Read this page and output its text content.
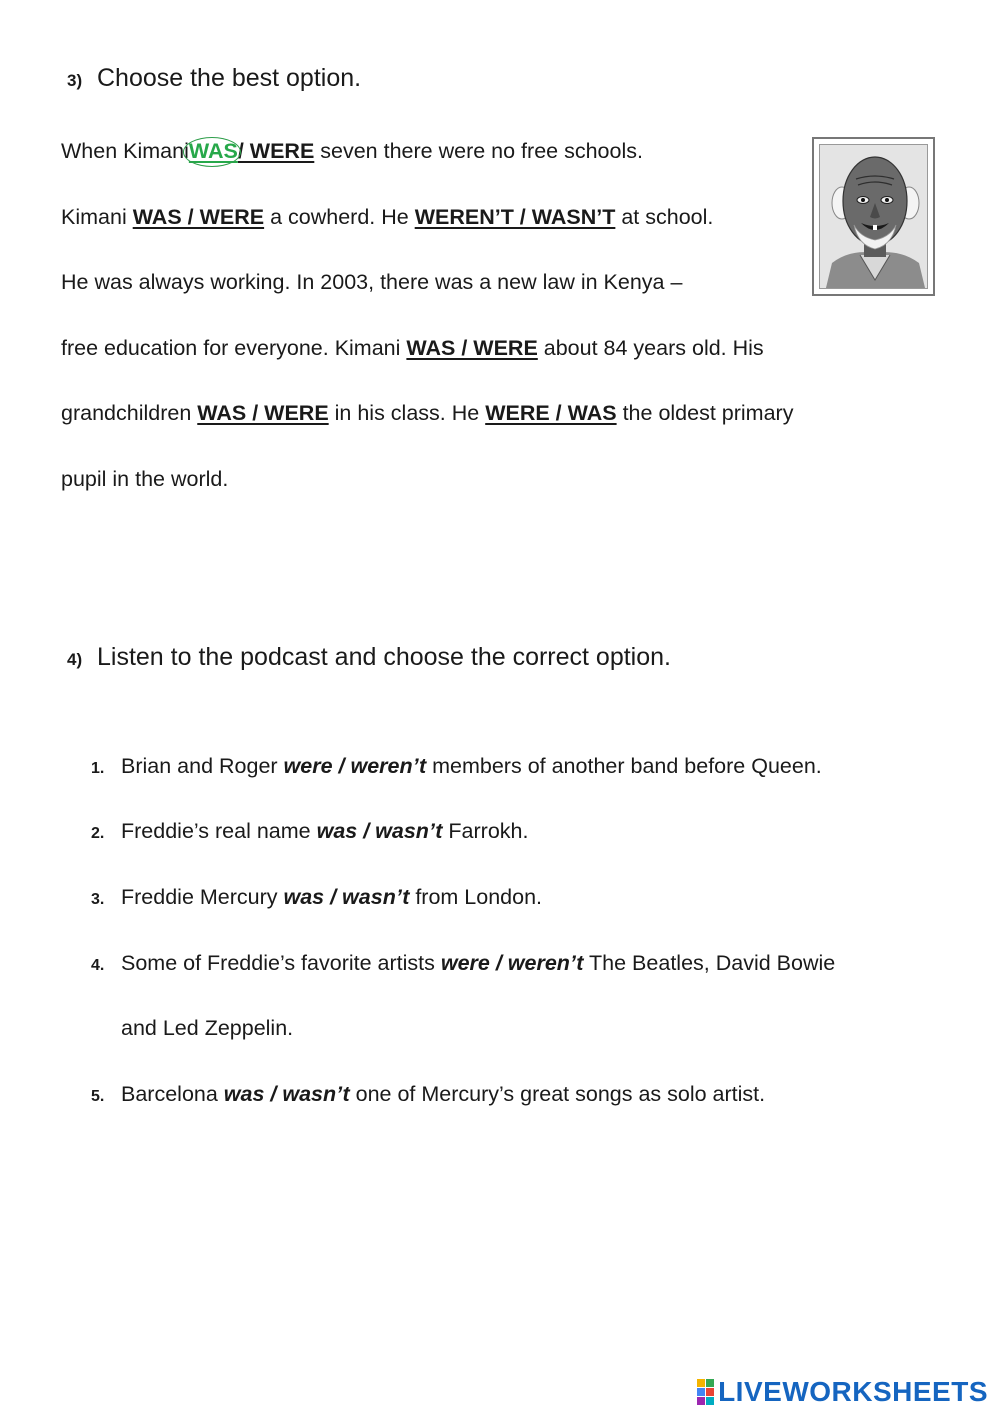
3) Choose the best option.
When Kimani
WAS/ WERE seven there were no free schools.
Kimani WAS / WERE a cowherd. He WEREN’T / WASN’T at school.
He was always working. In 2003, there was a new law in Kenya –
free education for everyone. Kimani WAS / WERE about 84 years old. His
grandchildren WAS / WERE in his class. He WERE / WAS the oldest primary
pupil in the world.
4) Listen to the podcast and choose the correct option.
1. Brian and Roger were / weren’t members of another band before Queen.
2. Freddie’s real name was / wasn’t Farrokh.
3. Freddie Mercury was / wasn’t from London.
4. Some of Freddie’s favorite artists were / weren’t The Beatles, David Bowie
and Led Zeppelin.
5. Barcelona was / wasn’t one of Mercury’s great songs as solo artist.
LIVEWORKSHEETS
